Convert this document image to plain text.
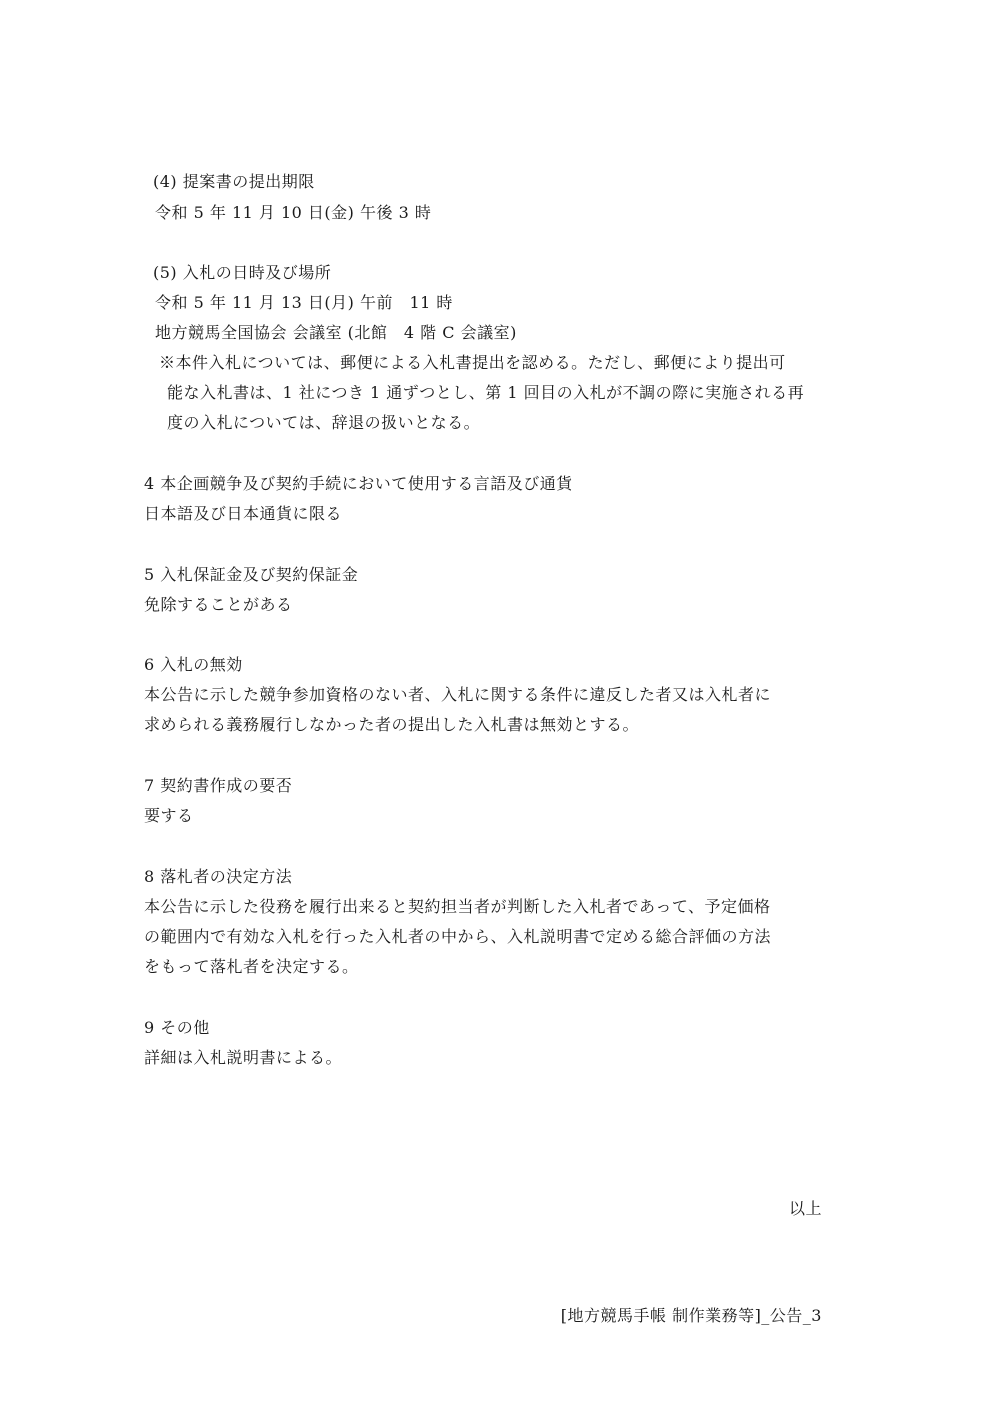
(4) 提案書の提出期限
令和 5 年 11 月 10 日(金) 午後 3 時
(5) 入札の日時及び場所
令和 5 年 11 月 13 日(月) 午前　11 時
地方競馬全国協会 会議室 (北館　4 階 C 会議室)
※本件入札については、郵便による入札書提出を認める。ただし、郵便により提出可
能な入札書は、1 社につき 1 通ずつとし、第 1 回目の入札が不調の際に実施される再
度の入札については、辞退の扱いとなる。
4 本企画競争及び契約手続において使用する言語及び通貨
日本語及び日本通貨に限る
5 入札保証金及び契約保証金
免除することがある
6 入札の無効
本公告に示した競争参加資格のない者、入札に関する条件に違反した者又は入札者に
求められる義務履行しなかった者の提出した入札書は無効とする。
7 契約書作成の要否
要する
8 落札者の決定方法
本公告に示した役務を履行出来ると契約担当者が判断した入札者であって、予定価格
の範囲内で有効な入札を行った入札者の中から、入札説明書で定める総合評価の方法
をもって落札者を決定する。
9 その他
詳細は入札説明書による。
以上
[地方競馬手帳 制作業務等]_公告_3
